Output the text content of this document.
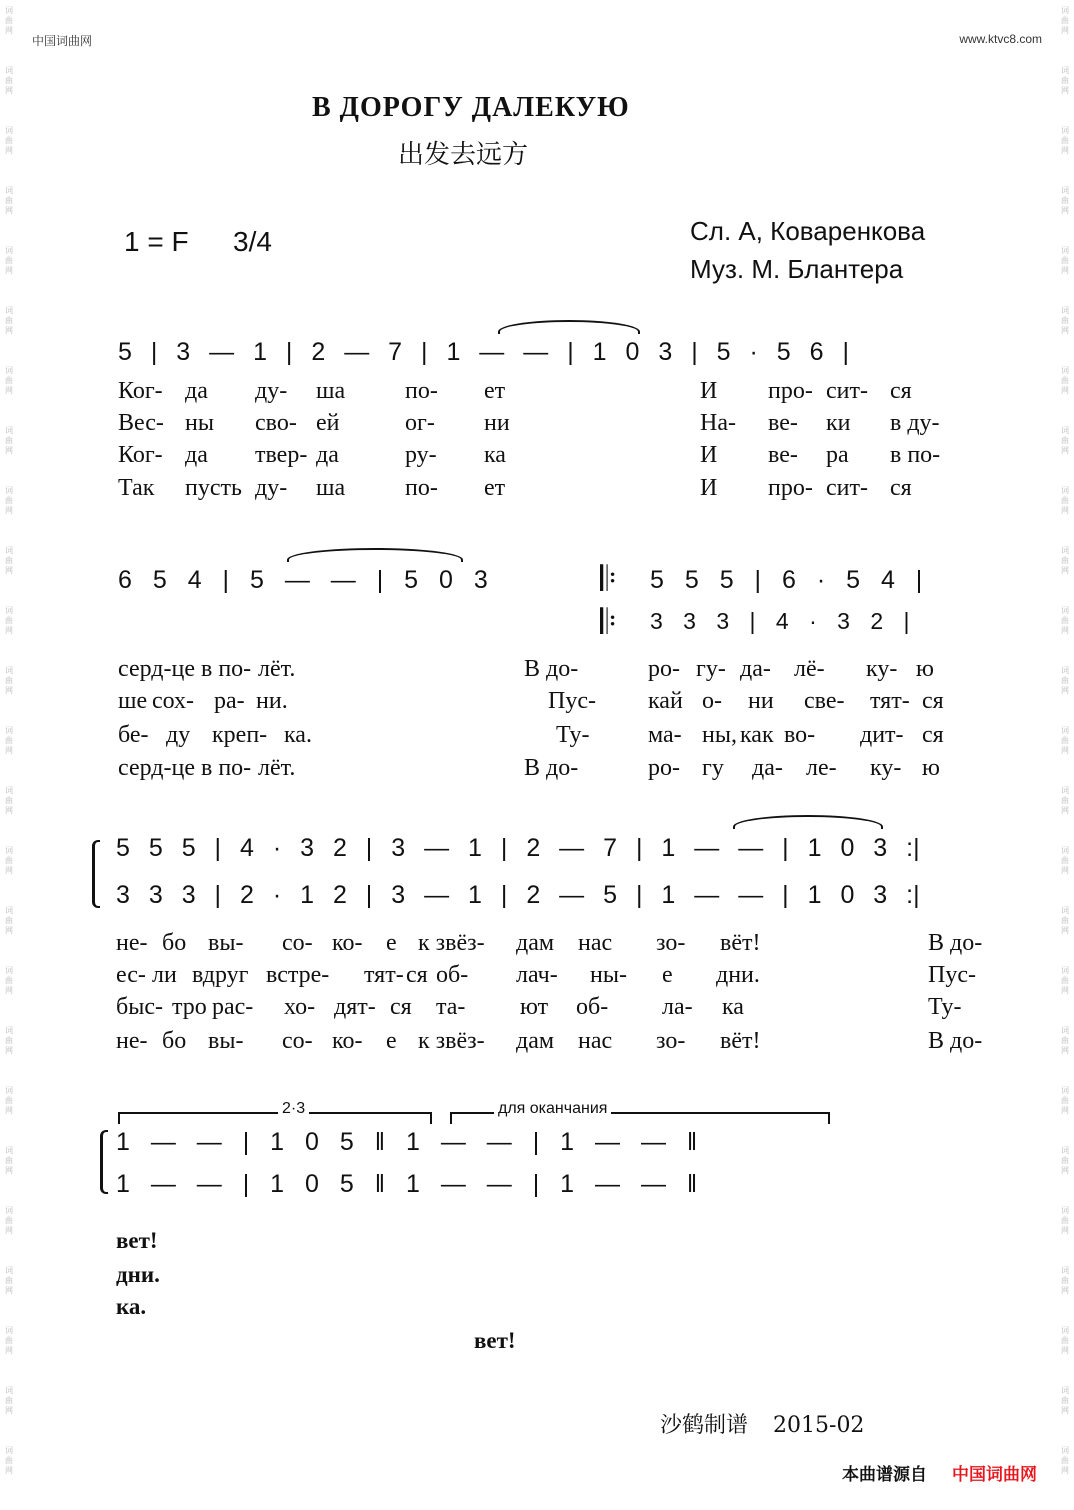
词曲网
词曲网
词曲网
词曲网
词曲网
词曲网
词曲网
词曲网
词曲网
词曲网
词曲网
词曲网
词曲网
词曲网
词曲网
词曲网
词曲网
词曲网
词曲网
词曲网
词曲网
词曲网
词曲网
词曲网
词曲网
词曲网
词曲网
词曲网
词曲网
词曲网
词曲网
词曲网
词曲网
词曲网
词曲网
词曲网
词曲网
词曲网
词曲网
词曲网
词曲网
词曲网
词曲网
词曲网
词曲网
词曲网
词曲网
词曲网
词曲网
词曲网
中国词曲网	www.ktvc8.com
В ДОРОГУ ДАЛЕКУЮ
出发去远方
1 = F 3/4	Сл. А, Коваренкова
Муз. М. Блантера
5 | 3 — 1 | 2 — 7 | 1 — — | 1 0 3 | 5 · 5 6 |
Ког- да ду- ша по- ет	И про- сит- ся
Вес- ны сво- ей	ог- ни	На- ве- ки в ду-
Ког- да твер- да	ру- ка	И ве- ра в по-
Так пусть ду- ша по- ет	И про- сит- ся
6 5 4 | 5 — — | 5 0 3	𝄆
𝄆
5 5 5 | 6 · 5 4 |
3 3 3 | 4 · 3 2 |
серд-це в по- лёт.	В до-	ро- гу- да- лё- ку- ю
ше сох- ра- ни.	Пус- кай о- ни све- тят- ся
бе- ду креп- ка.	Ту- ма- ны, как во- дит- ся
серд-це в по- лёт.	В до-	ро- гу да- ле- ку- ю
5 5 5 | 4 · 3 2 | 3 — 1 | 2 — 7 | 1 — — | 1 0 3 :|
3 3 3 | 2 · 1 2 | 3 — 1 | 2 — 5 | 1 — — | 1 0 3 :|
не- бо вы- со- ко- е к звёз- дам нас зо- вёт!	В до-
ес- ли вдруг встре- тят- ся об- лач- ны- е дни.	Пус-
быс- тро рас- хо- дят- ся та- ют об- ла- ка	Ту-
не- бо вы- со- ко- е к звёз- дам нас зо- вёт!	В до-
2·3	для оканчания
1 — — | 1 0 5 ‖ 1 — — | 1 — — ‖
1 — — | 1 0 5 ‖ 1 — — | 1 — — ‖
вет!
дни.
ка.
вет!
沙鹤制谱 2015-02
本曲谱源自 中国词曲网
